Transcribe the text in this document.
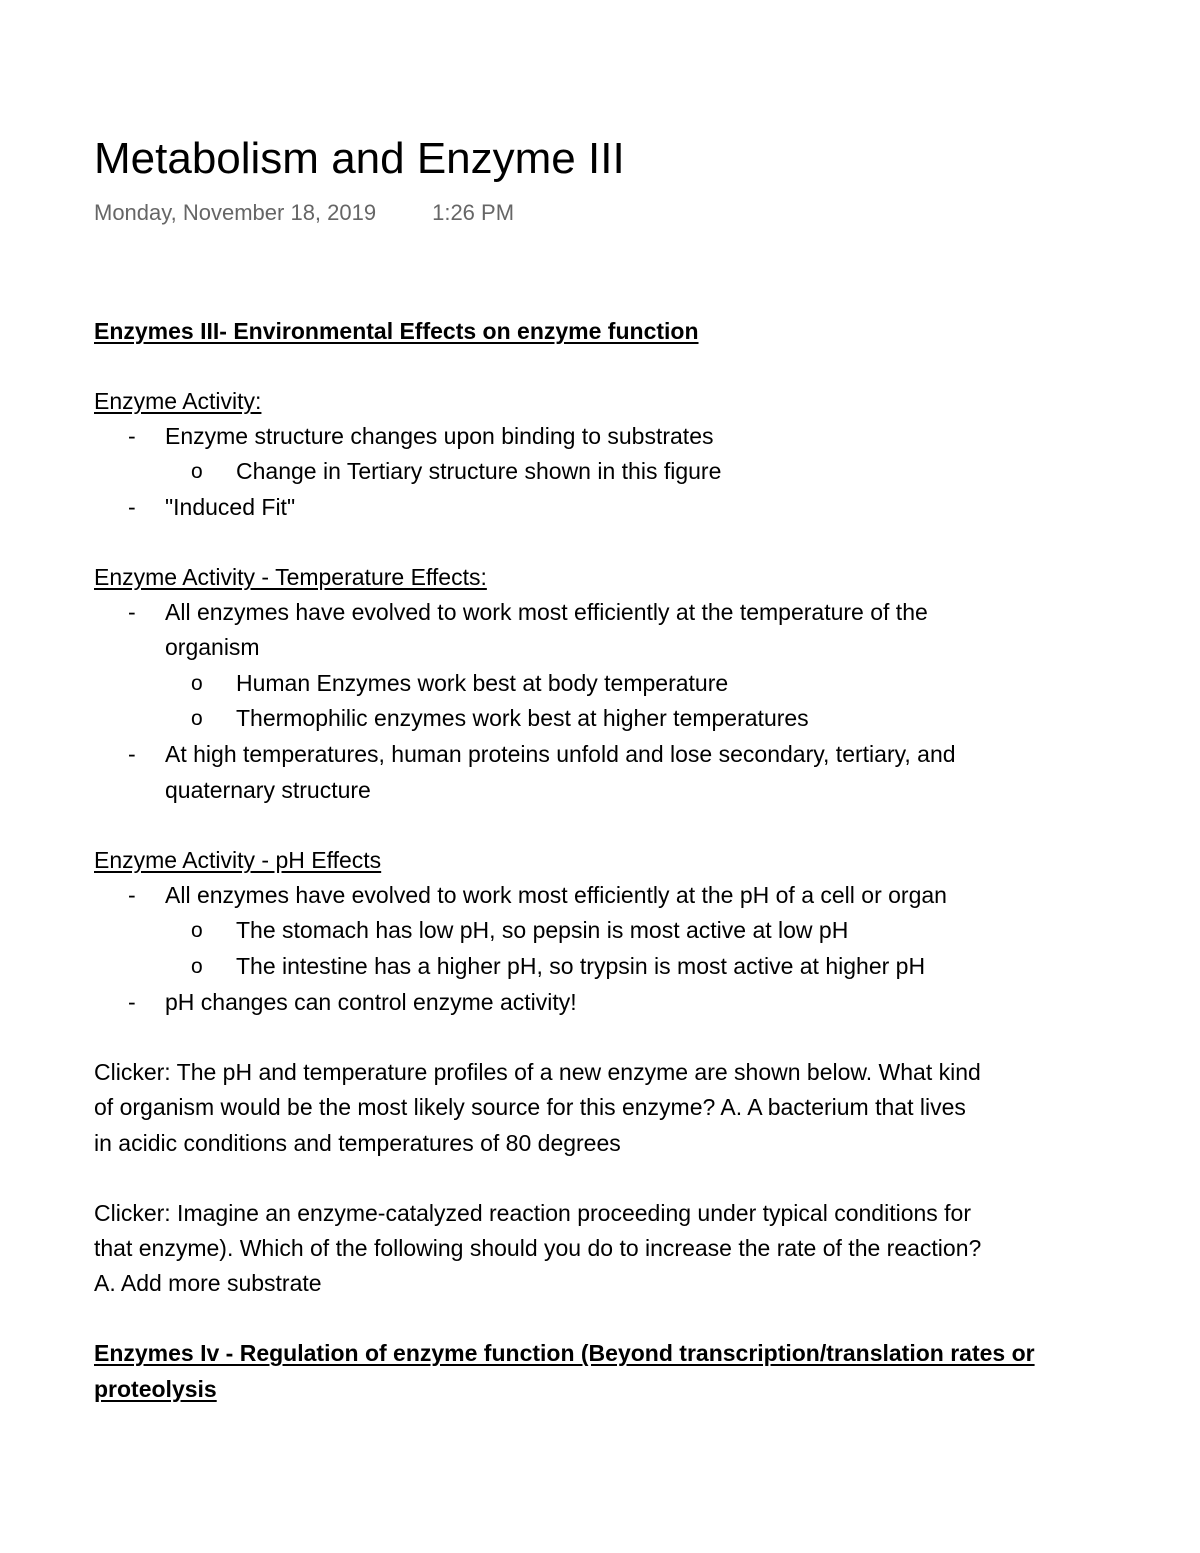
Metabolism and Enzyme III
Monday, November 18, 2019	1:26 PM
Enzymes III- Environmental Effects on enzyme function
Enzyme Activity:
- Enzyme structure changes upon binding to substrates
o Change in Tertiary structure shown in this figure
- "Induced Fit"
Enzyme Activity - Temperature Effects:
- All enzymes have evolved to work most efficiently at the temperature of the
organism
o Human Enzymes work best at body temperature
o Thermophilic enzymes work best at higher temperatures
- At high temperatures, human proteins unfold and lose secondary, tertiary, and
quaternary structure
Enzyme Activity - pH Effects
- All enzymes have evolved to work most efficiently at the pH of a cell or organ
o The stomach has low pH, so pepsin is most active at low pH
o The intestine has a higher pH, so trypsin is most active at higher pH
- pH changes can control enzyme activity!
Clicker: The pH and temperature profiles of a new enzyme are shown below. What kind
of organism would be the most likely source for this enzyme? A. A bacterium that lives
in acidic conditions and temperatures of 80 degrees
Clicker: Imagine an enzyme-catalyzed reaction proceeding under typical conditions for
that enzyme). Which of the following should you do to increase the rate of the reaction?
A. Add more substrate
Enzymes Iv - Regulation of enzyme function (Beyond transcription/translation rates or
proteolysis
